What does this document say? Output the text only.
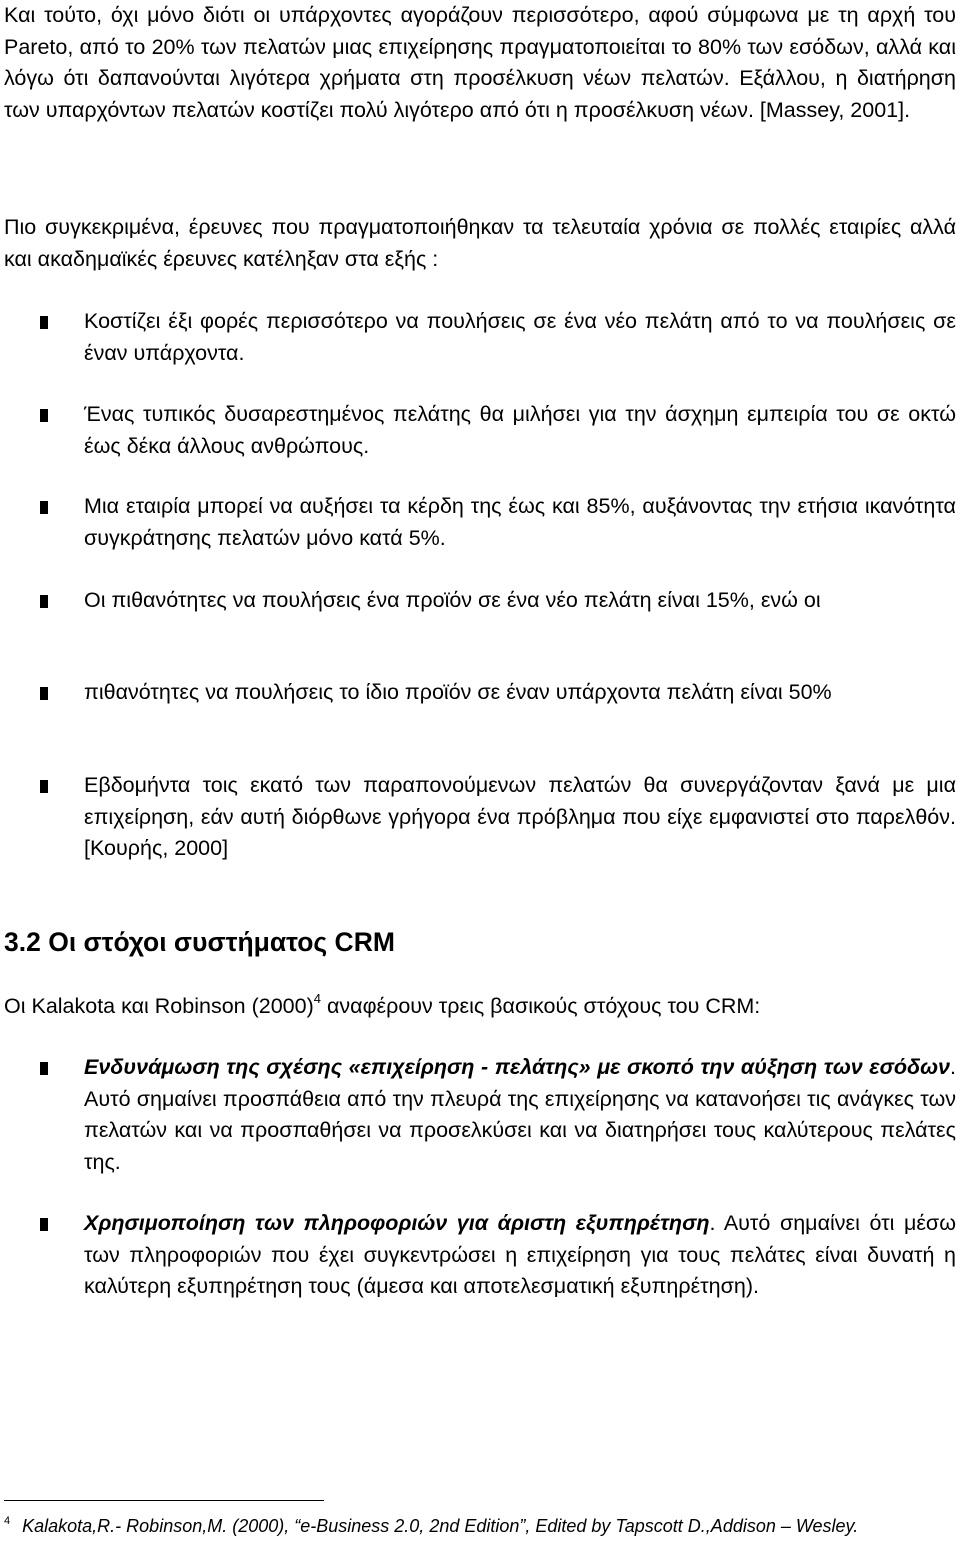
Και τούτο, όχι μόνο διότι οι υπάρχοντες αγοράζουν περισσότερο, αφού σύμφωνα με τη αρχή του Pareto, από το 20% των πελατών μιας επιχείρησης πραγματοποιείται το 80% των εσόδων, αλλά και λόγω ότι δαπανούνται λιγότερα χρήματα στη προσέλκυση νέων πελατών. Εξάλλου, η διατήρηση των υπαρχόντων πελατών κοστίζει πολύ λιγότερο από ότι η προσέλκυση νέων. [Massey, 2001].

Πιο συγκεκριμένα, έρευνες που πραγματοποιήθηκαν τα τελευταία χρόνια σε πολλές εταιρίες αλλά και ακαδημαϊκές έρευνες κατέληξαν στα εξής :

Κοστίζει έξι φορές περισσότερο να πουλήσεις σε ένα νέο πελάτη από το να πουλήσεις σε έναν υπάρχοντα.

Ένας τυπικός δυσαρεστημένος πελάτης θα μιλήσει για την άσχημη εμπειρία του σε οκτώ έως δέκα άλλους ανθρώπους.

Μια εταιρία μπορεί να αυξήσει τα κέρδη της έως και 85%, αυξάνοντας την ετήσια ικανότητα συγκράτησης πελατών μόνο κατά 5%.

Οι πιθανότητες να πουλήσεις ένα προϊόν σε ένα νέο πελάτη είναι 15%, ενώ οι

πιθανότητες να πουλήσεις το ίδιο προϊόν σε έναν υπάρχοντα πελάτη είναι 50%

Εβδομήντα τοις εκατό των παραπονούμενων πελατών θα συνεργάζονταν ξανά με μια επιχείρηση, εάν αυτή διόρθωνε γρήγορα ένα πρόβλημα που είχε εμφανιστεί στο παρελθόν. [Κουρής, 2000]

3.2 Οι στόχοι συστήματος CRM

Οι Kalakota και Robinson $(2000)^4$ αναφέρουν τρεις βασικούς στόχους του CRM:

Ενδυνάμωση της σχέσης «επιχείρηση - πελάτης» με σκοπό την αύξηση των εσόδων. Αυτό σημαίνει προσπάθεια από την πλευρά της επιχείρησης να κατανοήσει τις ανάγκες των πελατών και να προσπαθήσει να προσελκύσει και να διατηρήσει τους καλύτερους πελάτες της.

Χρησιμοποίηση των πληροφοριών για άριστη εξυπηρέτηση. Αυτό σημαίνει ότι μέσω των πληροφοριών που έχει συγκεντρώσει η επιχείρηση για τους πελάτες είναι δυνατή η καλύτερη εξυπηρέτηση τους (άμεσα και αποτελεσματική εξυπηρέτηση).

$^4$ Kalakota,R.- Robinson,M. (2000), “e-Business 2.0, 2nd Edition”, Edited by Tapscott D.,Addison – Wesley.
